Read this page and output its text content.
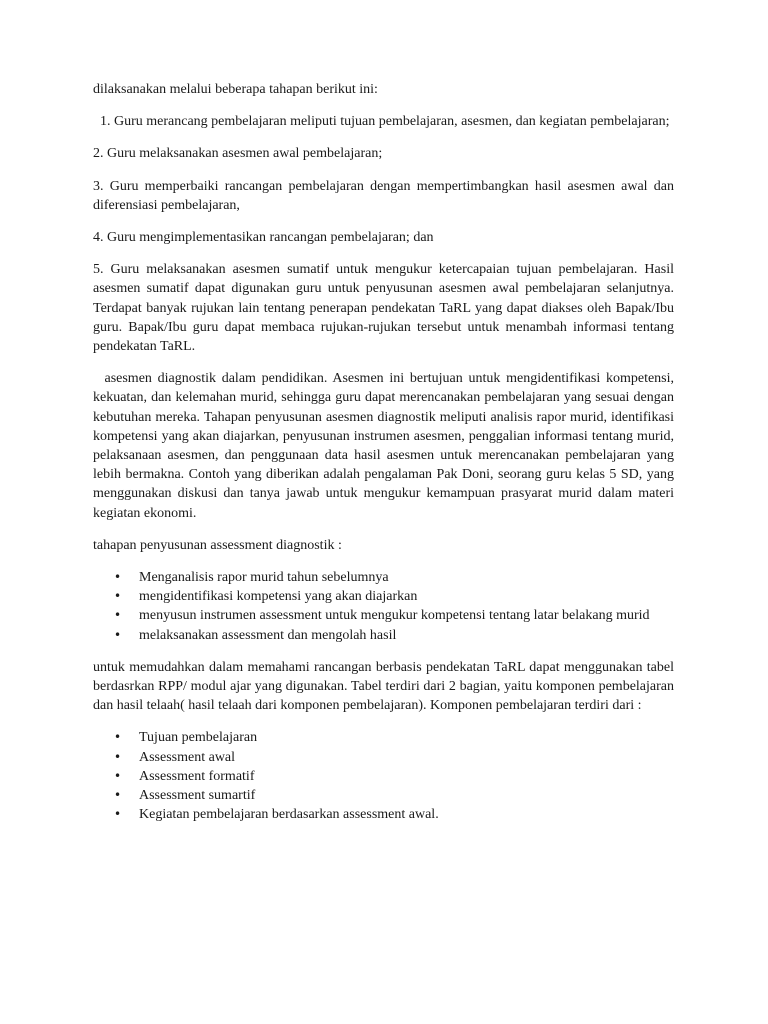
dilaksanakan melalui beberapa tahapan berikut ini:

1. Guru merancang pembelajaran meliputi tujuan pembelajaran, asesmen, dan kegiatan pembelajaran;

2. Guru melaksanakan asesmen awal pembelajaran;

3. Guru memperbaiki rancangan pembelajaran dengan mempertimbangkan hasil asesmen awal dan diferensiasi pembelajaran,

4. Guru mengimplementasikan rancangan pembelajaran; dan

5. Guru melaksanakan asesmen sumatif untuk mengukur ketercapaian tujuan pembelajaran. Hasil asesmen sumatif dapat digunakan guru untuk penyusunan asesmen awal pembelajaran selanjutnya. Terdapat banyak rujukan lain tentang penerapan pendekatan TaRL yang dapat diakses oleh Bapak/Ibu guru. Bapak/Ibu guru dapat membaca rujukan-rujukan tersebut untuk menambah informasi tentang pendekatan TaRL.

asesmen diagnostik dalam pendidikan. Asesmen ini bertujuan untuk mengidentifikasi kompetensi, kekuatan, dan kelemahan murid, sehingga guru dapat merencanakan pembelajaran yang sesuai dengan kebutuhan mereka. Tahapan penyusunan asesmen diagnostik meliputi analisis rapor murid, identifikasi kompetensi yang akan diajarkan, penyusunan instrumen asesmen, penggalian informasi tentang murid, pelaksanaan asesmen, dan penggunaan data hasil asesmen untuk merencanakan pembelajaran yang lebih bermakna. Contoh yang diberikan adalah pengalaman Pak Doni, seorang guru kelas 5 SD, yang menggunakan diskusi dan tanya jawab untuk mengukur kemampuan prasyarat murid dalam materi kegiatan ekonomi.

tahapan penyusunan assessment diagnostik :

• Menganalisis rapor murid tahun sebelumnya
• mengidentifikasi kompetensi yang akan diajarkan
• menyusun instrumen assessment untuk mengukur kompetensi tentang latar belakang murid
• melaksanakan assessment dan mengolah hasil

untuk memudahkan dalam memahami rancangan berbasis pendekatan TaRL dapat menggunakan tabel berdasrkan RPP/ modul ajar yang digunakan. Tabel terdiri dari 2 bagian, yaitu komponen pembelajaran dan hasil telaah( hasil telaah dari komponen pembelajaran). Komponen pembelajaran terdiri dari :

• Tujuan pembelajaran
• Assessment awal
• Assessment formatif
• Assessment sumartif
• Kegiatan pembelajaran berdasarkan assessment awal.
